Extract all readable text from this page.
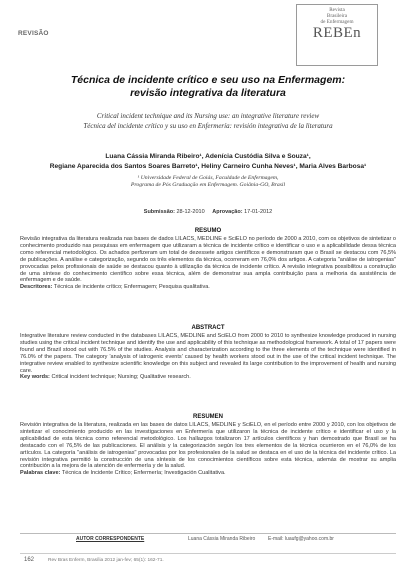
REVISÃO
Revista
Brasileira
de Enfermagem
REBEn
Técnica de incidente crítico e seu uso na Enfermagem:
revisão integrativa da literatura
Critical incident technique and its Nursing use: an integrative literature review
Técnica del incidente crítico y su uso en Enfermería: revisión integrativa de la literatura
Luana Cássia Miranda Ribeiro¹, Adenícia Custódia Silva e Souza¹,
Regiane Aparecida dos Santos Soares Barreto¹, Heliny Carneiro Cunha Neves¹, Maria Alves Barbosa¹
¹ Universidade Federal de Goiás, Faculdade de Enfermagem,
Programa de Pós Graduação em Enfermagem. Goiânia-GO, Brasil
Submissão: 28-12-2010 Aprovação: 17-01-2012
RESUMO
Revisão integrativa da literatura realizada nas bases de dados LILACS, MEDLINE e SciELO no período de 2000 a 2010, com os objetivos de sintetizar o conhecimento produzido nas pesquisas em enfermagem que utilizaram a técnica de incidente crítico e identificar o uso e a aplicabilidade dessa técnica como referencial metodológico. Os achados perfizeram um total de dezessete artigos científicos e demonstraram que o Brasil se destacou com 76,5% de publicações. A análise e categorização, segundo os três elementos da técnica, ocorreram em 76,0% dos artigos. A categoria "análise de iatrogenias" provocadas pelos profissionais de saúde se destacou quanto à utilização da técnica de incidente crítico. A revisão integrativa possibilitou a construção de uma síntese do conhecimento científico sobre essa técnica, além de demonstrar sua ampla contribuição para a melhoria da assistência de enfermagem e de saúde.
Descritores: Técnica de incidente crítico; Enfermagem; Pesquisa qualitativa.
ABSTRACT
Integrative literature review conducted in the databases LILACS, MEDLINE and SciELO from 2000 to 2010 to synthesize knowledge produced in nursing studies using the critical incident technique and identify the use and applicability of this technique as methodological framework. A total of 17 papers were found and Brazil stood out with 76.5% of the studies. Analysis and characterization according to the three elements of the technique were identified in 76.0% of the papers. The category 'analysis of iatrogenic events' caused by health workers stood out in the use of the critical incident technique. The integrative review enabled to synthesize scientific knowledge on this subject and revealed its large contribution to the improvement of health and nursing care.
Key words: Critical incident technique; Nursing; Qualitative research.
RESUMEN
Revisión integrativa de la literatura, realizada en las bases de datos LILACS, MEDLINE y SciELO, en el período entre 2000 y 2010, con los objetivos de sintetizar el conocimiento producido en las investigaciones en Enfermería que utilizaron la técnica de incidente crítico e identificar el uso y la aplicabilidad de esta técnica como referencial metodológico. Los hallazgos totalizaron 17 artículos científicos y han demostrado que Brasil se ha destacado con el 76,5% de las publicaciones. El análisis y la categorización según los tres elementos de la técnica ocurrieron en el 76,0% de los artículos. La categoría "análisis de iatrogenias" provocadas por los profesionales de la salud se destaca en el uso de la técnica del incidente crítico. La revisión integrativa permitió la construcción de una síntesis de los conocimientos científicos sobre esta técnica, además de mostrar su amplia contribución a la mejora de la atención de enfermería y de la salud.
Palabras clave: Técnica de Incidente Crítico; Enfermería; Investigación Cualitativa.
AUTOR CORRESPONDENTE	Luana Cássia Miranda Ribeiro	E-mail: luaufg@yahoo.com.br
162	Rev Bras Enferm, Brasília 2012 jan-fev; 65(1): 162-71.
